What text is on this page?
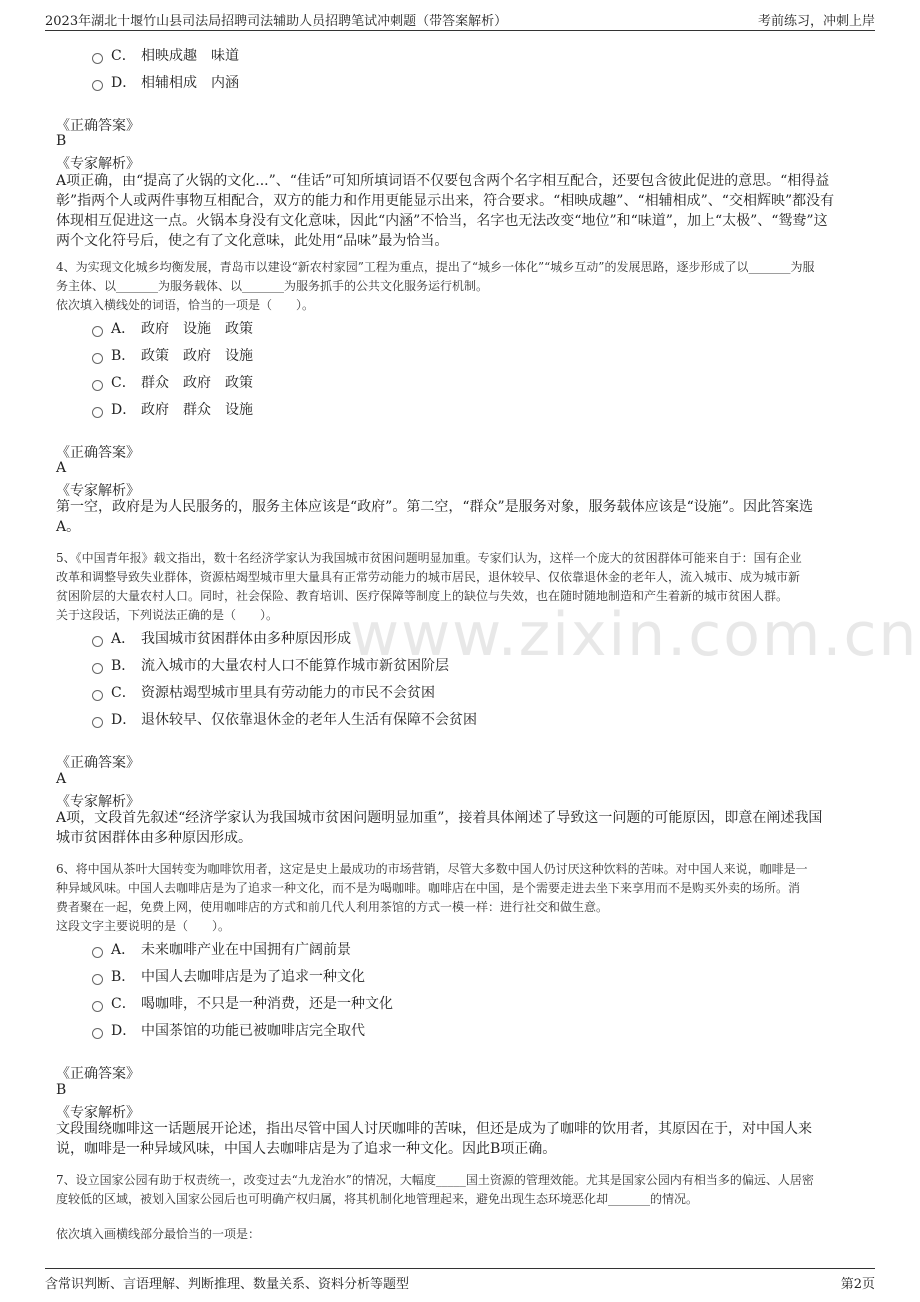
2023年湖北十堰竹山县司法局招聘司法辅助人员招聘笔试冲刺题（带答案解析）	考前练习，冲刺上岸
www.zixin.com.cn
C． 相映成趣　味道
D． 相辅相成　内涵
《正确答案》
B
《专家解析》
A项正确，由“提高了火锅的文化...”、“佳话”可知所填词语不仅要包含两个名字相互配合，还要包含彼此促进的意思。“相得益
彰”指两个人或两件事物互相配合，双方的能力和作用更能显示出来，符合要求。“相映成趣”、“相辅相成”、“交相辉映”都没有
体现相互促进这一点。火锅本身没有文化意味，因此“内涵”不恰当，名字也无法改变“地位”和“味道”，加上“太极”、“鸳鸯”这
两个文化符号后，使之有了文化意味，此处用“品味”最为恰当。
4、为实现文化城乡均衡发展，青岛市以建设“新农村家园”工程为重点，提出了“城乡一体化”“城乡互动”的发展思路，逐步形成了以_______为服
务主体、以_______为服务载体、以_______为服务抓手的公共文化服务运行机制。
依次填入横线处的词语，恰当的一项是（　　）。
A． 政府　设施　政策
B． 政策　政府　设施
C． 群众　政府　政策
D． 政府　群众　设施
《正确答案》
A
《专家解析》
第一空，政府是为人民服务的，服务主体应该是“政府”。第二空，“群众”是服务对象，服务载体应该是“设施”。因此答案选
A。
5、《中国青年报》载文指出，数十名经济学家认为我国城市贫困问题明显加重。专家们认为，这样一个庞大的贫困群体可能来自于：国有企业
改革和调整导致失业群体，资源枯竭型城市里大量具有正常劳动能力的城市居民，退休较早、仅依靠退休金的老年人，流入城市、成为城市新
贫困阶层的大量农村人口。同时，社会保险、教育培训、医疗保障等制度上的缺位与失效，也在随时随地制造和产生着新的城市贫困人群。
关于这段话，下列说法正确的是（　　）。
A． 我国城市贫困群体由多种原因形成
B． 流入城市的大量农村人口不能算作城市新贫困阶层
C． 资源枯竭型城市里具有劳动能力的市民不会贫困
D． 退休较早、仅依靠退休金的老年人生活有保障不会贫困
《正确答案》
A
《专家解析》
A项，文段首先叙述“经济学家认为我国城市贫困问题明显加重”，接着具体阐述了导致这一问题的可能原因，即意在阐述我国
城市贫困群体由多种原因形成。
6、将中国从茶叶大国转变为咖啡饮用者，这定是史上最成功的市场营销，尽管大多数中国人仍讨厌这种饮料的苦味。对中国人来说，咖啡是一
种异域风味。中国人去咖啡店是为了追求一种文化，而不是为喝咖啡。咖啡店在中国，是个需要走进去坐下来享用而不是购买外卖的场所。消
费者聚在一起，免费上网，使用咖啡店的方式和前几代人利用茶馆的方式一模一样：进行社交和做生意。
这段文字主要说明的是（　　）。
A． 未来咖啡产业在中国拥有广阔前景
B． 中国人去咖啡店是为了追求一种文化
C． 喝咖啡，不只是一种消费，还是一种文化
D． 中国茶馆的功能已被咖啡店完全取代
《正确答案》
B
《专家解析》
文段围绕咖啡这一话题展开论述，指出尽管中国人讨厌咖啡的苦味，但还是成为了咖啡的饮用者，其原因在于，对中国人来
说，咖啡是一种异域风味，中国人去咖啡店是为了追求一种文化。因此B项正确。
7、设立国家公园有助于权责统一，改变过去“九龙治水”的情况，大幅度_____国土资源的管理效能。尤其是国家公园内有相当多的偏远、人居密
度较低的区域，被划入国家公园后也可明确产权归属，将其机制化地管理起来，避免出现生态环境恶化却_______的情况。
依次填入画横线部分最恰当的一项是：
含常识判断、言语理解、判断推理、数量关系、资料分析等题型	第2页
